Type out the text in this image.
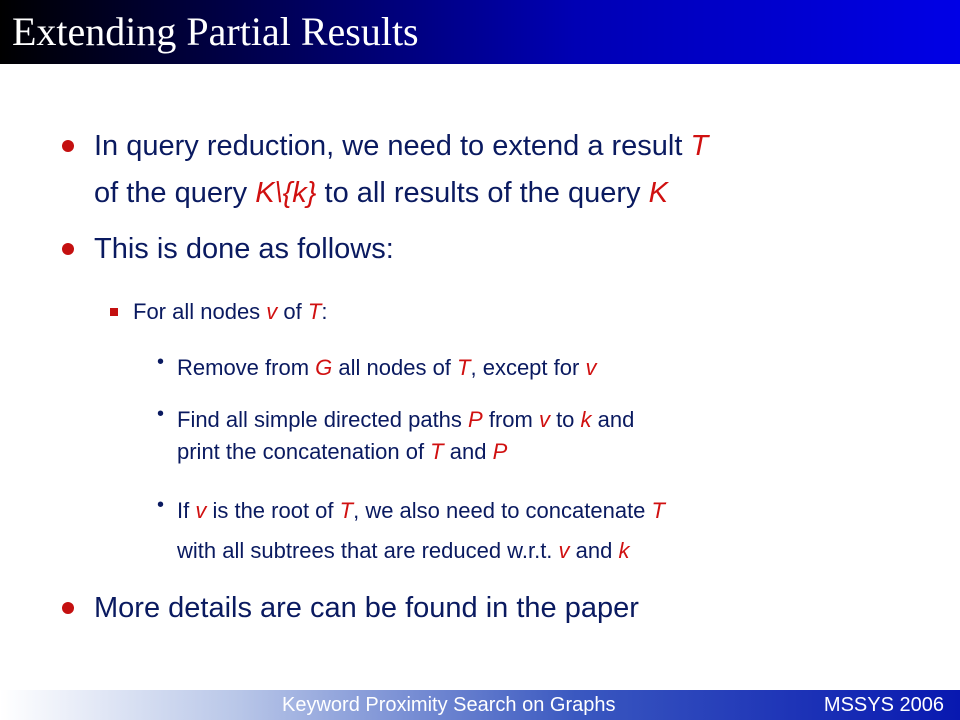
Extending Partial Results
In query reduction, we need to extend a result T
of the query K\{k} to all results of the query K
This is done as follows:
For all nodes v of T:
• Remove from G all nodes of T, except for v
• Find all simple directed paths P from v to k and
print the concatenation of T and P
• If v is the root of T, we also need to concatenate T
with all subtrees that are reduced w.r.t. v and k
More details are can be found in the paper
Keyword Proximity Search on Graphs	MSSYS 2006
